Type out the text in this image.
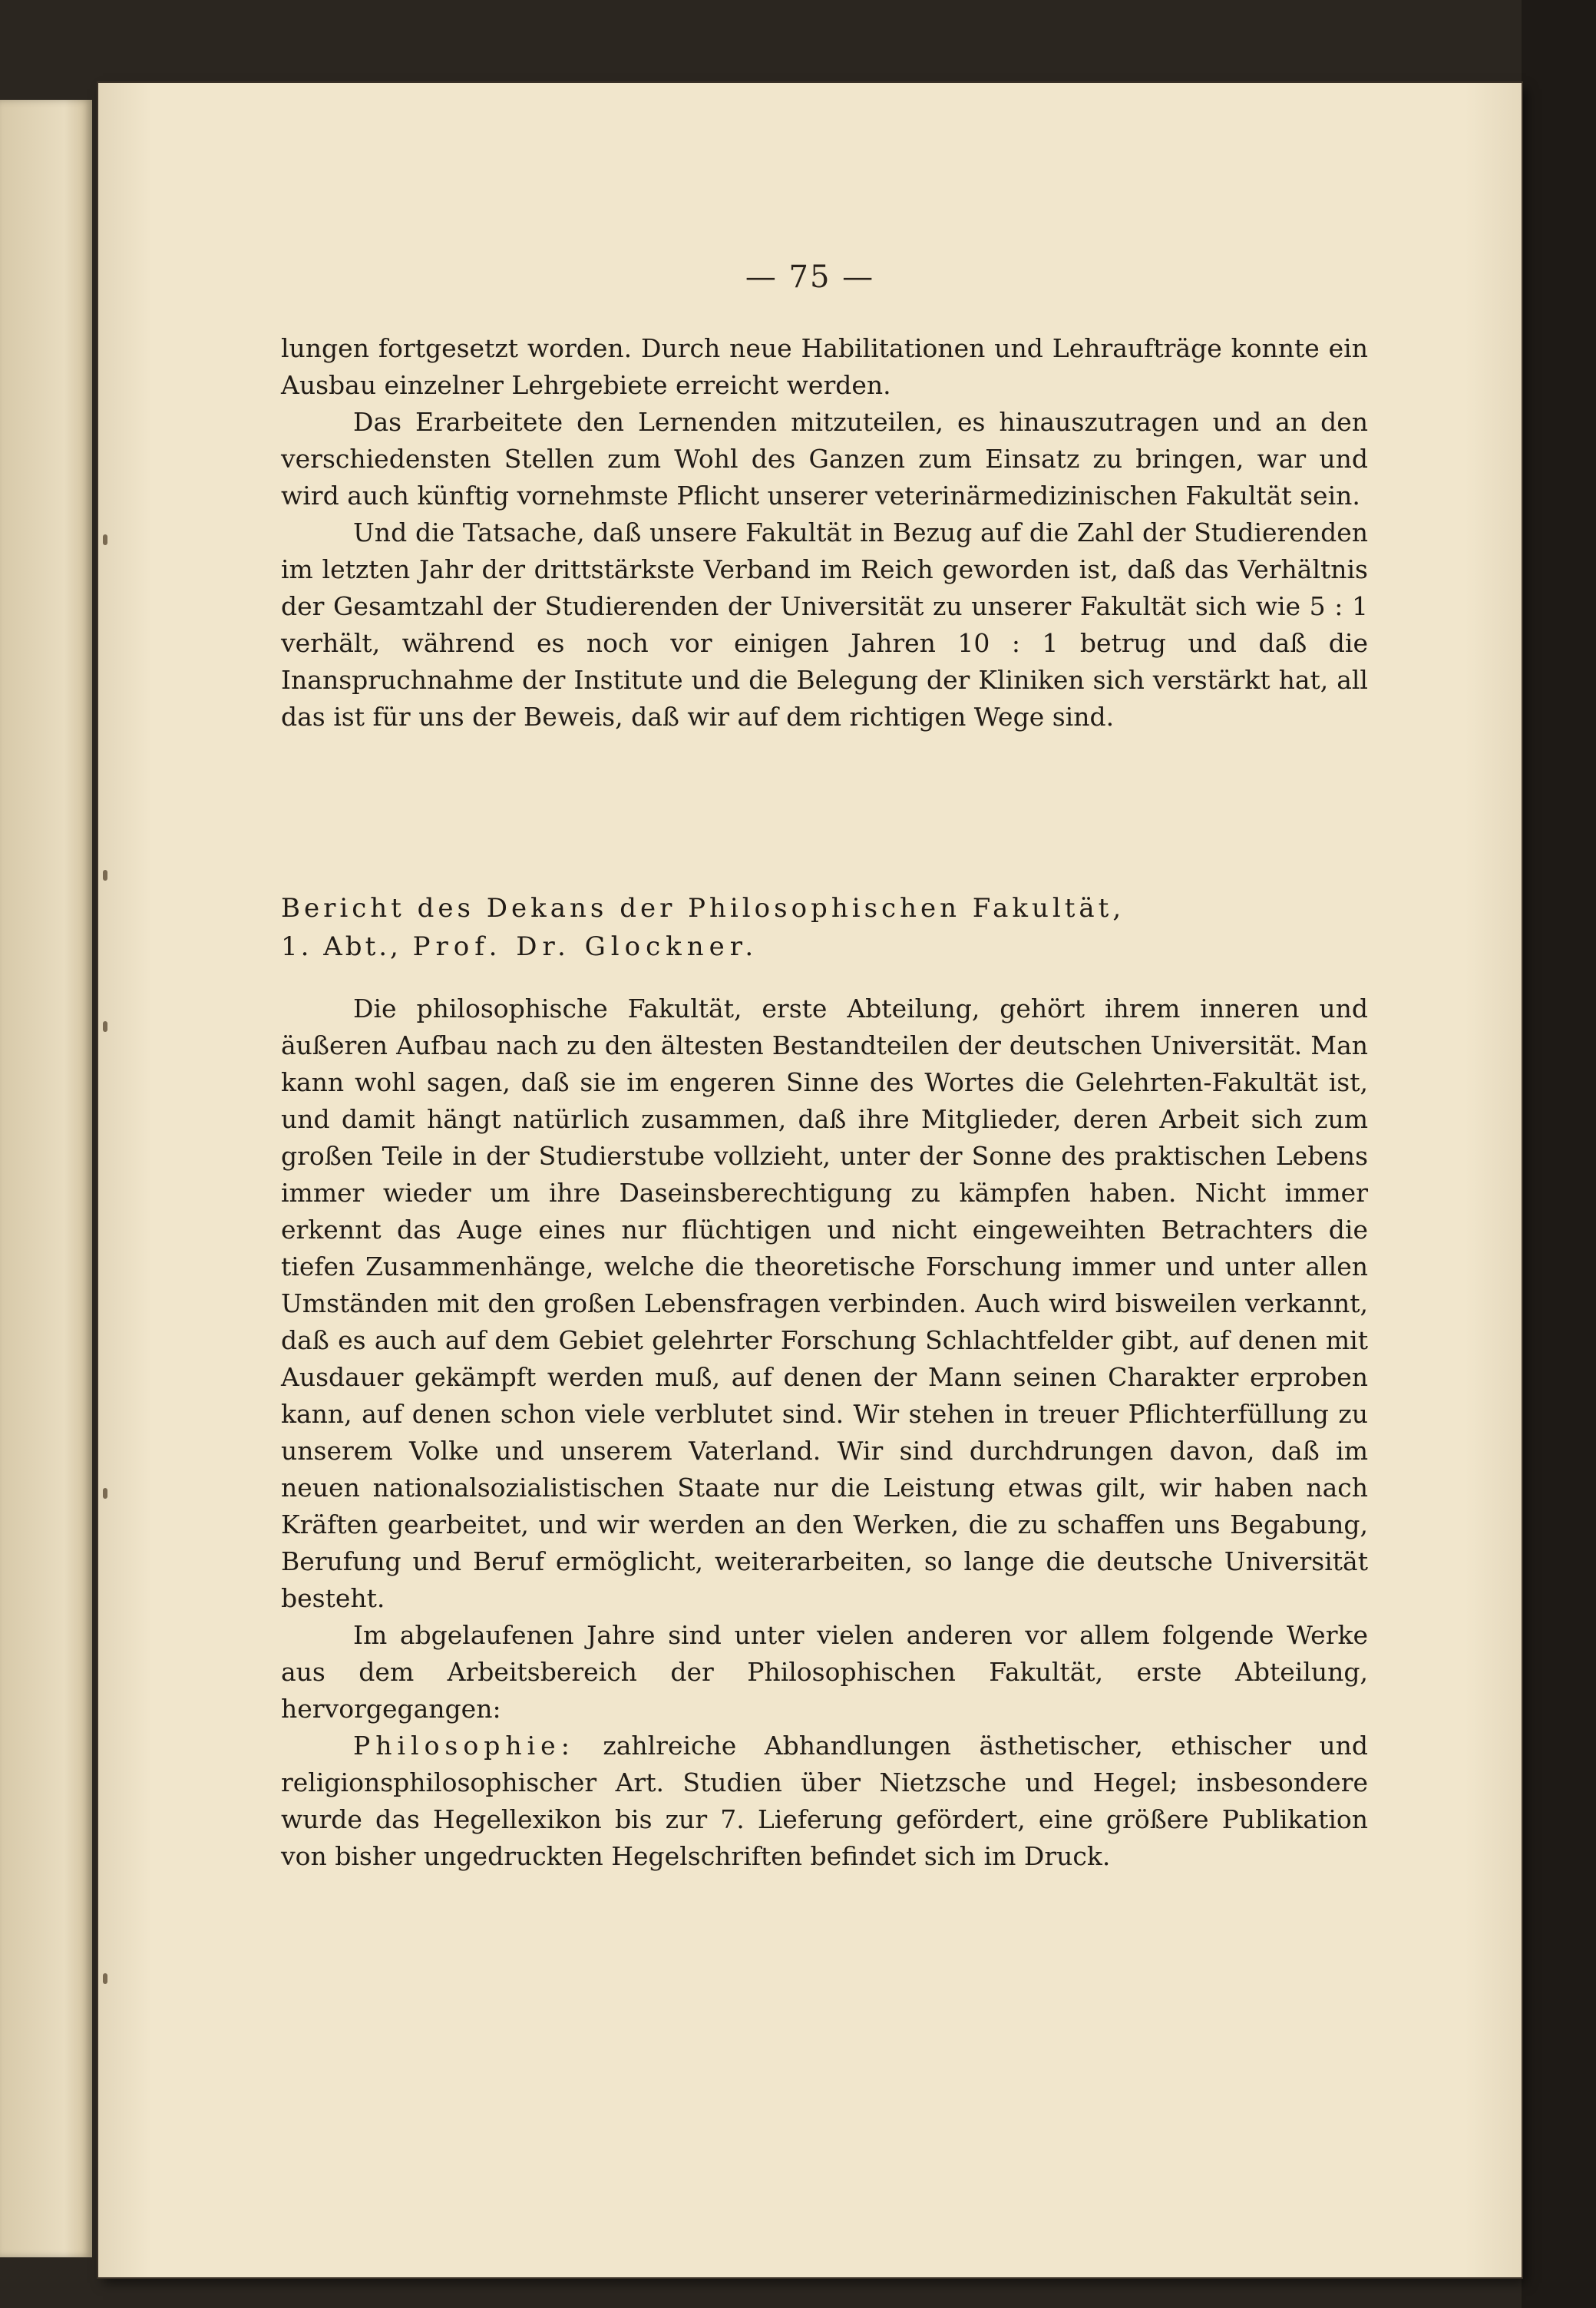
— 75 —

lungen fortgesetzt worden. Durch neue Habilitationen und Lehraufträge konnte ein Ausbau einzelner Lehrgebiete erreicht werden.

Das Erarbeitete den Lernenden mitzuteilen, es hinauszutragen und an den verschiedensten Stellen zum Wohl des Ganzen zum Einsatz zu bringen, war und wird auch künftig vornehmste Pflicht unserer veterinärmedizinischen Fakultät sein.

Und die Tatsache, daß unsere Fakultät in Bezug auf die Zahl der Studierenden im letzten Jahr der drittstärkste Verband im Reich geworden ist, daß das Verhältnis der Gesamtzahl der Studierenden der Universität zu unserer Fakultät sich wie 5 : 1 verhält, während es noch vor einigen Jahren 10 : 1 betrug und daß die Inanspruchnahme der Institute und die Belegung der Kliniken sich verstärkt hat, all das ist für uns der Beweis, daß wir auf dem richtigen Wege sind.

Bericht des Dekans der Philosophischen Fakultät,
1. Abt., Prof. Dr. Glockner.

Die philosophische Fakultät, erste Abteilung, gehört ihrem inneren und äußeren Aufbau nach zu den ältesten Bestandteilen der deutschen Universität. Man kann wohl sagen, daß sie im engeren Sinne des Wortes die Gelehrten-Fakultät ist, und damit hängt natürlich zusammen, daß ihre Mitglieder, deren Arbeit sich zum großen Teile in der Studierstube vollzieht, unter der Sonne des praktischen Lebens immer wieder um ihre Daseinsberechtigung zu kämpfen haben. Nicht immer erkennt das Auge eines nur flüchtigen und nicht eingeweihten Betrachters die tiefen Zusammenhänge, welche die theoretische Forschung immer und unter allen Umständen mit den großen Lebensfragen verbinden. Auch wird bisweilen verkannt, daß es auch auf dem Gebiet gelehrter Forschung Schlachtfelder gibt, auf denen mit Ausdauer gekämpft werden muß, auf denen der Mann seinen Charakter erproben kann, auf denen schon viele verblutet sind. Wir stehen in treuer Pflichterfüllung zu unserem Volke und unserem Vaterland. Wir sind durchdrungen davon, daß im neuen nationalsozialistischen Staate nur die Leistung etwas gilt, wir haben nach Kräften gearbeitet, und wir werden an den Werken, die zu schaffen uns Begabung, Berufung und Beruf ermöglicht, weiterarbeiten, so lange die deutsche Universität besteht.

Im abgelaufenen Jahre sind unter vielen anderen vor allem folgende Werke aus dem Arbeitsbereich der Philosophischen Fakultät, erste Abteilung, hervorgegangen:

Philosophie: zahlreiche Abhandlungen ästhetischer, ethischer und religionsphilosophischer Art. Studien über Nietzsche und Hegel; insbesondere wurde das Hegellexikon bis zur 7. Lieferung gefördert, eine größere Publikation von bisher ungedruckten Hegelschriften befindet sich im Druck.
